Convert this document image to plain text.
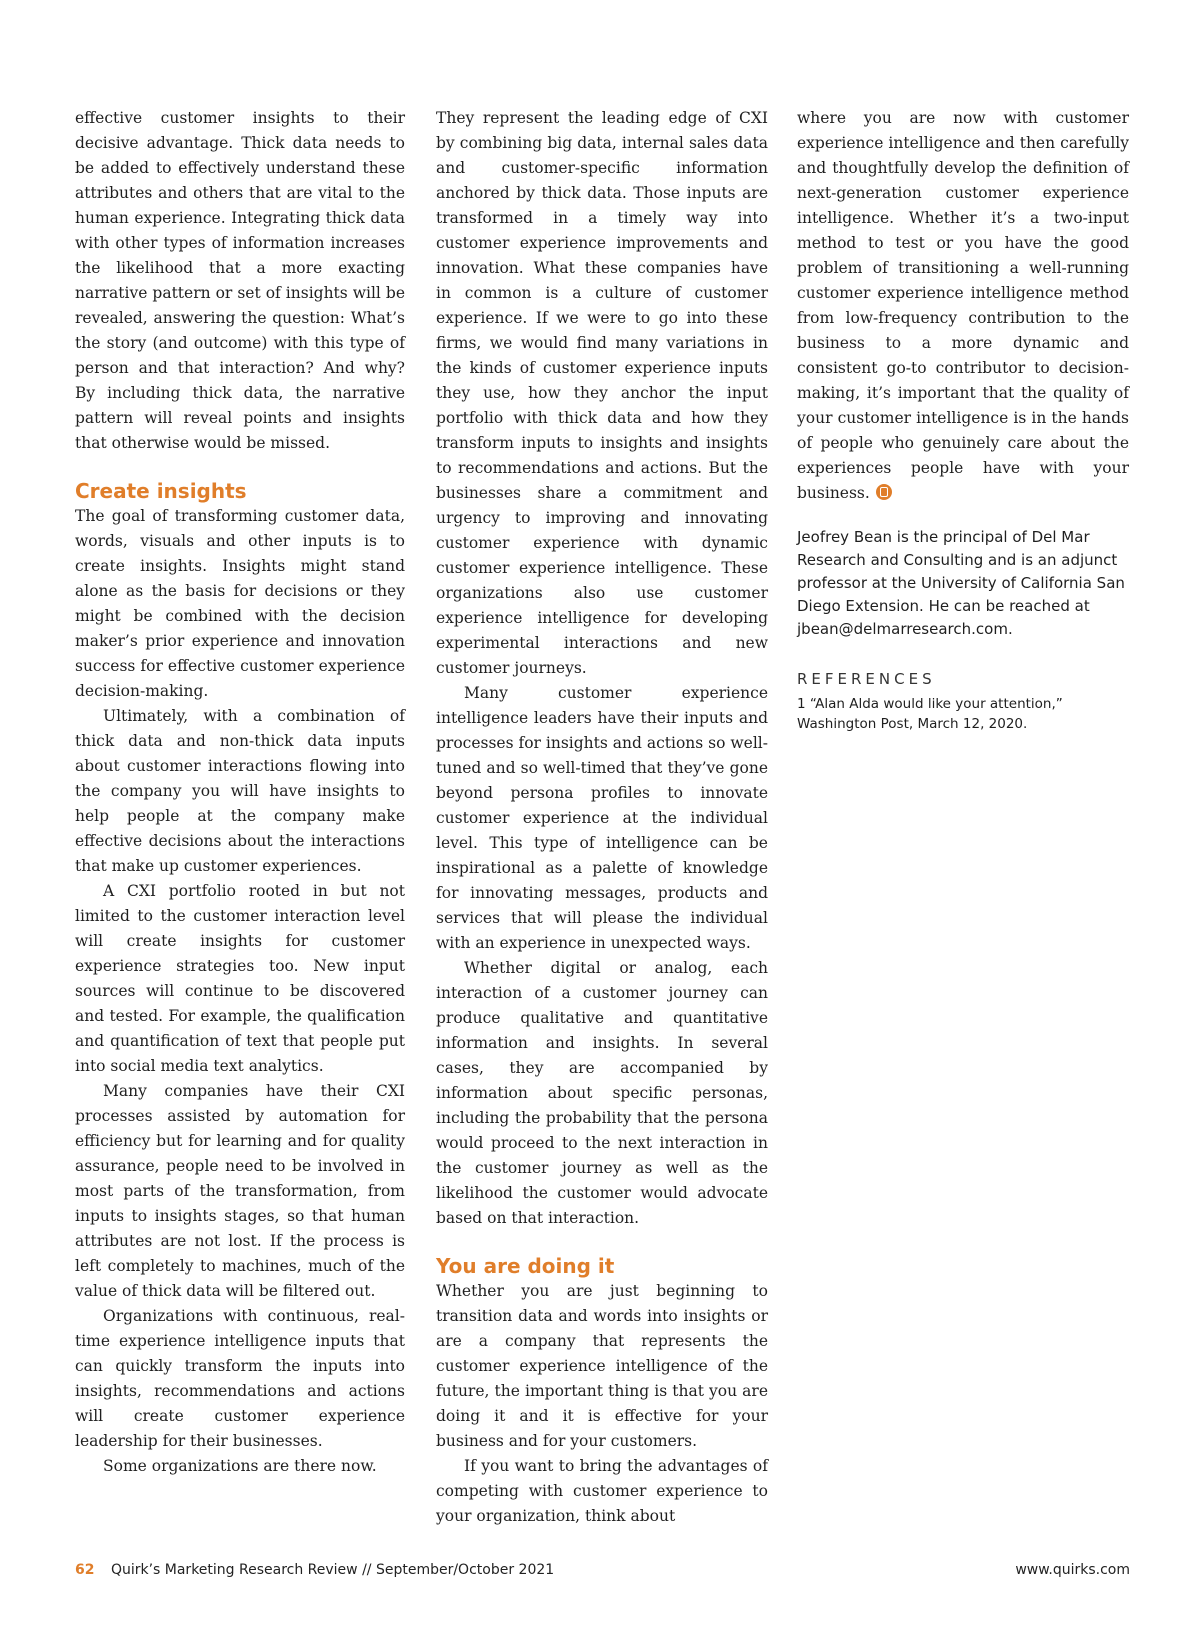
effective customer insights to their decisive advantage. Thick data needs to be added to effectively understand these attributes and others that are vital to the human experience. Integrating thick data with other types of information increases the likelihood that a more exacting narrative pattern or set of insights will be revealed, answering the question: What’s the story (and outcome) with this type of person and that interaction? And why? By including thick data, the narrative pattern will reveal points and insights that otherwise would be missed.

Create insights

The goal of transforming customer data, words, visuals and other inputs is to create insights. Insights might stand alone as the basis for decisions or they might be combined with the decision maker’s prior experience and innovation success for effective customer experience decision-making.

Ultimately, with a combination of thick data and non-thick data inputs about customer interactions flowing into the company you will have insights to help people at the company make effective decisions about the interactions that make up customer experiences.

A CXI portfolio rooted in but not limited to the customer interaction level will create insights for customer experience strategies too. New input sources will continue to be discovered and tested. For example, the qualification and quantification of text that people put into social media text analytics.

Many companies have their CXI processes assisted by automation for efficiency but for learning and for quality assurance, people need to be involved in most parts of the transformation, from inputs to insights stages, so that human attributes are not lost. If the process is left completely to machines, much of the value of thick data will be filtered out.

Organizations with continuous, real-time experience intelligence inputs that can quickly transform the inputs into insights, recommendations and actions will create customer experience leadership for their businesses.

Some organizations are there now.

They represent the leading edge of CXI by combining big data, internal sales data and customer-specific information anchored by thick data. Those inputs are transformed in a timely way into customer experience improvements and innovation. What these companies have in common is a culture of customer experience. If we were to go into these firms, we would find many variations in the kinds of customer experience inputs they use, how they anchor the input portfolio with thick data and how they transform inputs to insights and insights to recommendations and actions. But the businesses share a commitment and urgency to improving and innovating customer experience with dynamic customer experience intelligence. These organizations also use customer experience intelligence for developing experimental interactions and new customer journeys.

Many customer experience intelligence leaders have their inputs and processes for insights and actions so well-tuned and so well-timed that they’ve gone beyond persona profiles to innovate customer experience at the individual level. This type of intelligence can be inspirational as a palette of knowledge for innovating messages, products and services that will please the individual with an experience in unexpected ways.

Whether digital or analog, each interaction of a customer journey can produce qualitative and quantitative information and insights. In several cases, they are accompanied by information about specific personas, including the probability that the persona would proceed to the next interaction in the customer journey as well as the likelihood the customer would advocate based on that interaction.

You are doing it

Whether you are just beginning to transition data and words into insights or are a company that represents the customer experience intelligence of the future, the important thing is that you are doing it and it is effective for your business and for your customers.

If you want to bring the advantages of competing with customer experience to your organization, think about

where you are now with customer experience intelligence and then carefully and thoughtfully develop the definition of next-generation customer experience intelligence. Whether it’s a two-input method to test or you have the good problem of transitioning a well-running customer experience intelligence method from low-frequency contribution to the business to a more dynamic and consistent go-to contributor to decision-making, it’s important that the quality of your customer intelligence is in the hands of people who genuinely care about the experiences people have with your business.

Jeofrey Bean is the principal of Del Mar Research and Consulting and is an adjunct professor at the University of California San Diego Extension. He can be reached at jbean@delmarresearch.com.

REFERENCES

1 “Alan Alda would like your attention,” Washington Post, March 12, 2020.

62 Quirk’s Marketing Research Review // September/October 2021	www.quirks.com
